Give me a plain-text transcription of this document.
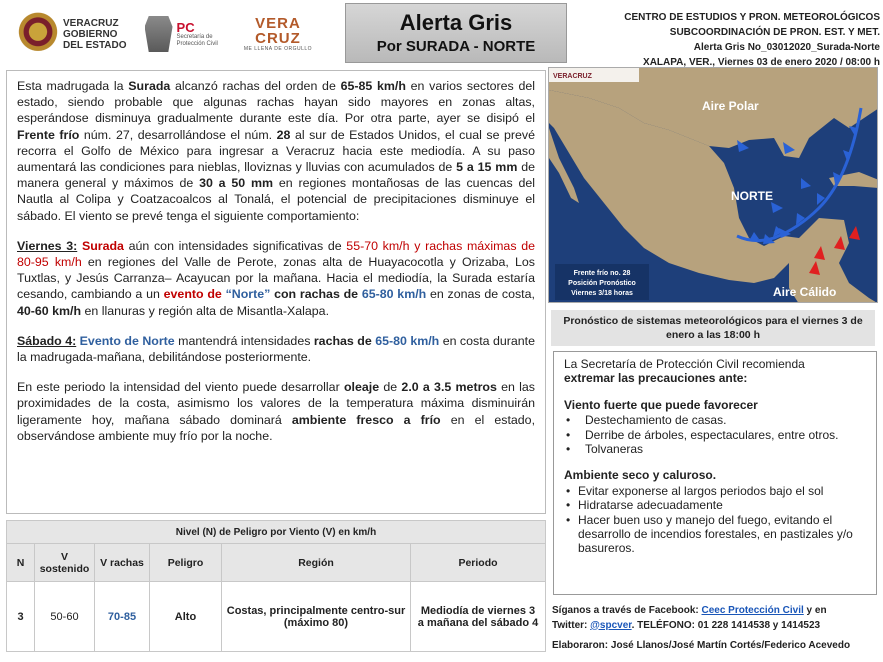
VERACRUZ
GOBIERNO
DEL ESTADO
PC
Secretaría de
Protección Civil
VERA
CRUZ
ME LLENA DE ORGULLO
Alerta Gris
Por SURADA - NORTE
CENTRO DE ESTUDIOS Y PRON. METEOROLÓGICOS
SUBCOORDINACIÓN DE PRON. EST. Y MET.
Alerta Gris No_03012020_Surada-Norte
XALAPA, VER., Viernes 03 de enero 2020 / 08:00 h

Esta madrugada la Surada alcanzó rachas del orden de 65-85 km/h en varios sectores del estado, siendo probable que algunas rachas hayan sido mayores en zonas altas, esperándose disminuya gradualmente durante este día. Por otra parte, ayer se disipó el Frente frío núm. 27, desarrollándose el núm. 28 al sur de Estados Unidos, el cual se prevé recorra el Golfo de México para ingresar a Veracruz hacia este mediodía. A su paso aumentará las condiciones para nieblas, lloviznas y lluvias con acumulados de 5 a 15 mm de manera general y máximos de 30 a 50 mm en regiones montañosas de las cuencas del Nautla al Colipa y Coatzacoalcos al Tonalá, el potencial de precipitaciones disminuye el sábado. El viento se prevé tenga el siguiente comportamiento:

Viernes 3: Surada aún con intensidades significativas de 55-70 km/h y rachas máximas de 80-95 km/h en regiones del Valle de Perote, zonas alta de Huayacocotla y Orizaba, Los Tuxtlas, y Jesús Carranza– Acayucan por la mañana. Hacia el mediodía, la Surada estaría cesando, cambiando a un evento de “Norte” con rachas de 65-80 km/h en zonas de costa, 40-60 km/h en llanuras y región alta de Misantla-Xalapa.

Sábado 4: Evento de Norte mantendrá intensidades rachas de 65-80 km/h en costa durante la madrugada-mañana, debilitándose posteriormente.

En este periodo la intensidad del viento puede desarrollar oleaje de 2.0 a 3.5 metros en las proximidades de la costa, asimismo los valores de la temperatura máxima disminuirán ligeramente hoy, mañana sábado dominará ambiente fresco a frío en el estado, observándose ambiente muy frío por la noche.

Nivel (N) de Peligro por Viento (V) en km/h					
N	V sostenido	V rachas	Peligro	Región	Periodo
3	50-60	70-85	Alto	Costas, principalmente centro-sur (máximo 80)	Mediodía de viernes 3 a mañana del sábado 4
Aire Polar
NORTE
Aire Cálido
Frente frío no. 28
Posición Pronóstico
Viernes 3/18 horas
VERACRUZ
Pronóstico de sistemas meteorológicos para el viernes 3 de enero a las 18:00 h
La Secretaría de Protección Civil recomienda
extremar las precauciones ante:
Viento fuerte que puede favorecer
• Destechamiento de casas.
• Derribe de árboles, espectaculares, entre otros.
• Tolvaneras
Ambiente seco y caluroso.
• Evitar exponerse al largos periodos bajo el sol
• Hidratarse adecuadamente
• Hacer buen uso y manejo del fuego, evitando el desarrollo de incendios forestales, en pastizales y/o basureros.
Síganos a través de Facebook: Ceec Protección Civil y en
Twitter: @spcver. TELÉFONO: 01 228 1414538 y 1414523
Elaboraron: José Llanos/José Martín Cortés/Federico Acevedo
